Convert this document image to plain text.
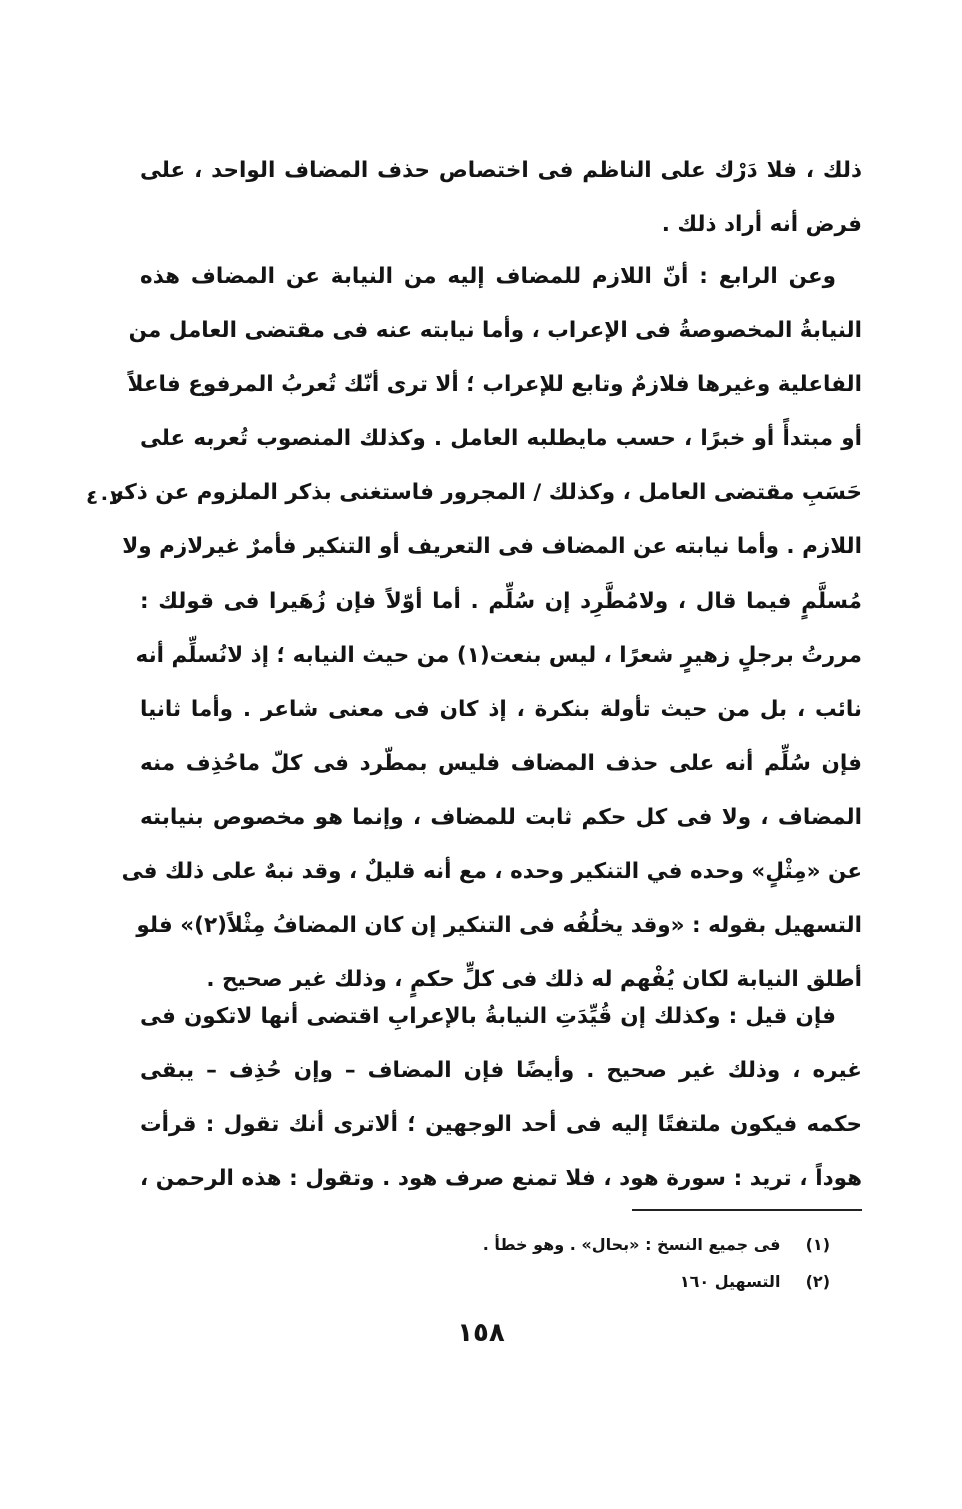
ذلك ، فلا دَرْك على الناظم فى اختصاص حذف المضاف الواحد ، على
فرض أنه أراد ذلك .
وعن الرابع : أنّ اللازم للمضاف إليه من النيابة عن المضاف هذه
النيابةُ المخصوصةُ فى الإعراب ، وأما نيابته عنه فى مقتضى العامل من
الفاعلية وغيرها فلازمٌ وتابع للإعراب ؛ ألا ترى أنّك تُعربُ المرفوع فاعلاً
أو مبتدأً أو خبرًا ، حسب مايطلبه العامل . وكذلك المنصوب تُعربه على
حَسَبِ مقتضى العامل ، وكذلك / المجرور فاستغنى بذكر الملزوم عن ذكر
اللازم . وأما نيابته عن المضاف فى التعريف أو التنكير فأمرٌ غيرلازم ولا
مُسلَّمٍ فيما قال ، ولامُطَّرِد إن سُلِّم . أما أوّلاً فإن زُهَيرا فى قولك :
مررتُ برجلٍ زهيرٍ شعرًا ، ليس بنعت(١) من حيث النيابه ؛ إذ لانُسلِّم أنه
نائب ، بل من حيث تأولة بنكرة ، إذ كان فى معنى شاعر . وأما ثانيا
فإن سُلِّم أنه على حذف المضاف فليس بمطّرد فى كلّ ماحُذِف منه
المضاف ، ولا فى كل حكم ثابت للمضاف ، وإنما هو مخصوص بنيابته
عن «مِثْلٍ» وحده في التنكير وحده ، مع أنه قليلٌ ، وقد نبهٌ على ذلك فى
التسهيل بقوله : «وقد يخلُفُه فى التنكير إن كان المضافُ مِثْلاً(٢)» فلو
أطلق النيابة لكان يُفْهم له ذلك فى كلٍّ حكمٍ ، وذلك غير صحيح .
٤٠٢
فإن قيل : وكذلك إن قُيِّدَتِ النيابةُ بالإعرابِ اقتضى أنها لاتكون فى
غيره ، وذلك غير صحيح . وأيضًا فإن المضاف – وإن حُذِف – يبقى
حكمه فيكون ملتفتًا إليه فى أحد الوجهين ؛ ألاترى أنك تقول : قرأت
هوداً ، تريد : سورة هود ، فلا تمنع صرف هود . وتقول : هذه الرحمن ،
(١) فى جميع النسخ : «بحال» . وهو خطأ .
(٢) التسهيل ١٦٠
١٥٨
